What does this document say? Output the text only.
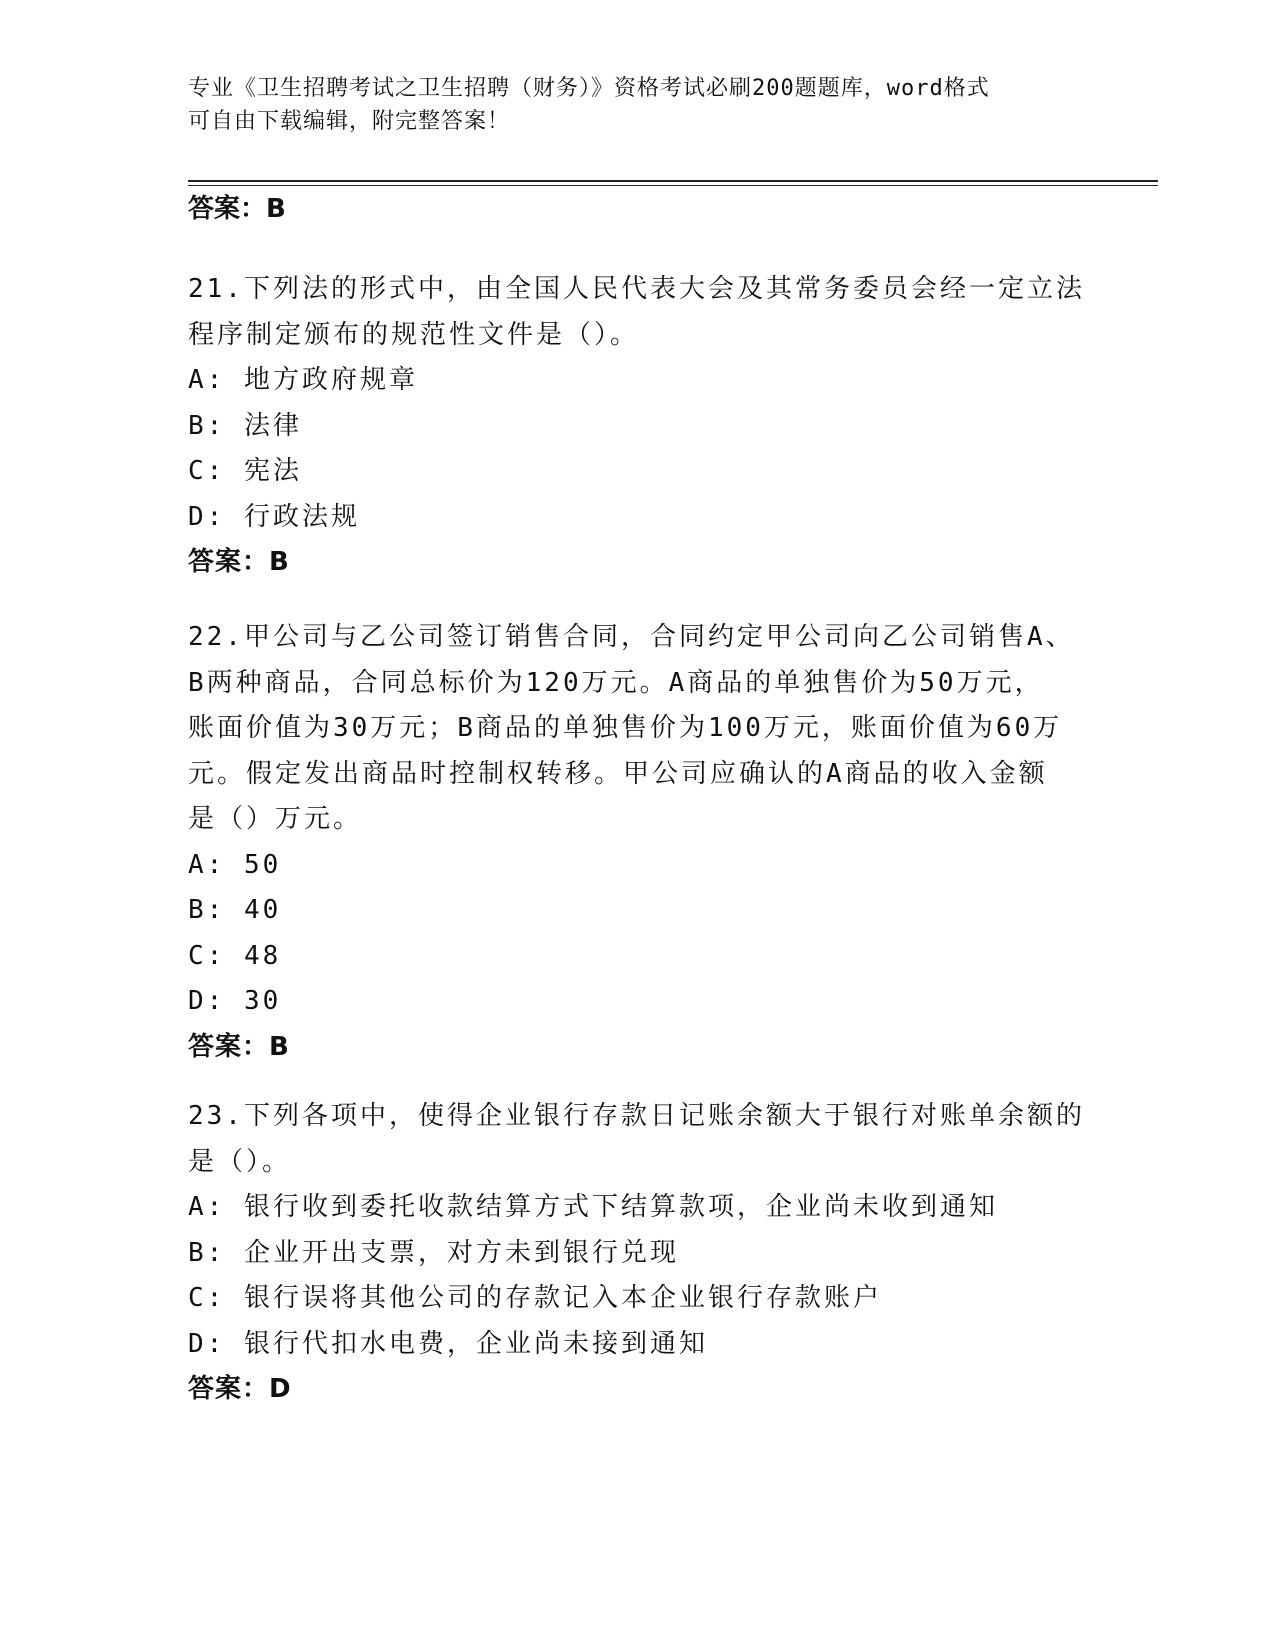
专业《卫生招聘考试之卫生招聘（财务）》资格考试必刷200题题库，word格式
可自由下载编辑，附完整答案！
答案：B
21.下列法的形式中，由全国人民代表大会及其常务委员会经一定立法
程序制定颁布的规范性文件是（）。
A: 地方政府规章
B: 法律
C: 宪法
D: 行政法规
答案：B
22.甲公司与乙公司签订销售合同，合同约定甲公司向乙公司销售A、
B两种商品，合同总标价为120万元。A商品的单独售价为50万元，
账面价值为30万元；B商品的单独售价为100万元，账面价值为60万
元。假定发出商品时控制权转移。甲公司应确认的A商品的收入金额
是（）万元。
A: 50
B: 40
C: 48
D: 30
答案：B
23.下列各项中，使得企业银行存款日记账余额大于银行对账单余额的
是（）。
A: 银行收到委托收款结算方式下结算款项，企业尚未收到通知
B: 企业开出支票，对方未到银行兑现
C: 银行误将其他公司的存款记入本企业银行存款账户
D: 银行代扣水电费，企业尚未接到通知
答案：D
